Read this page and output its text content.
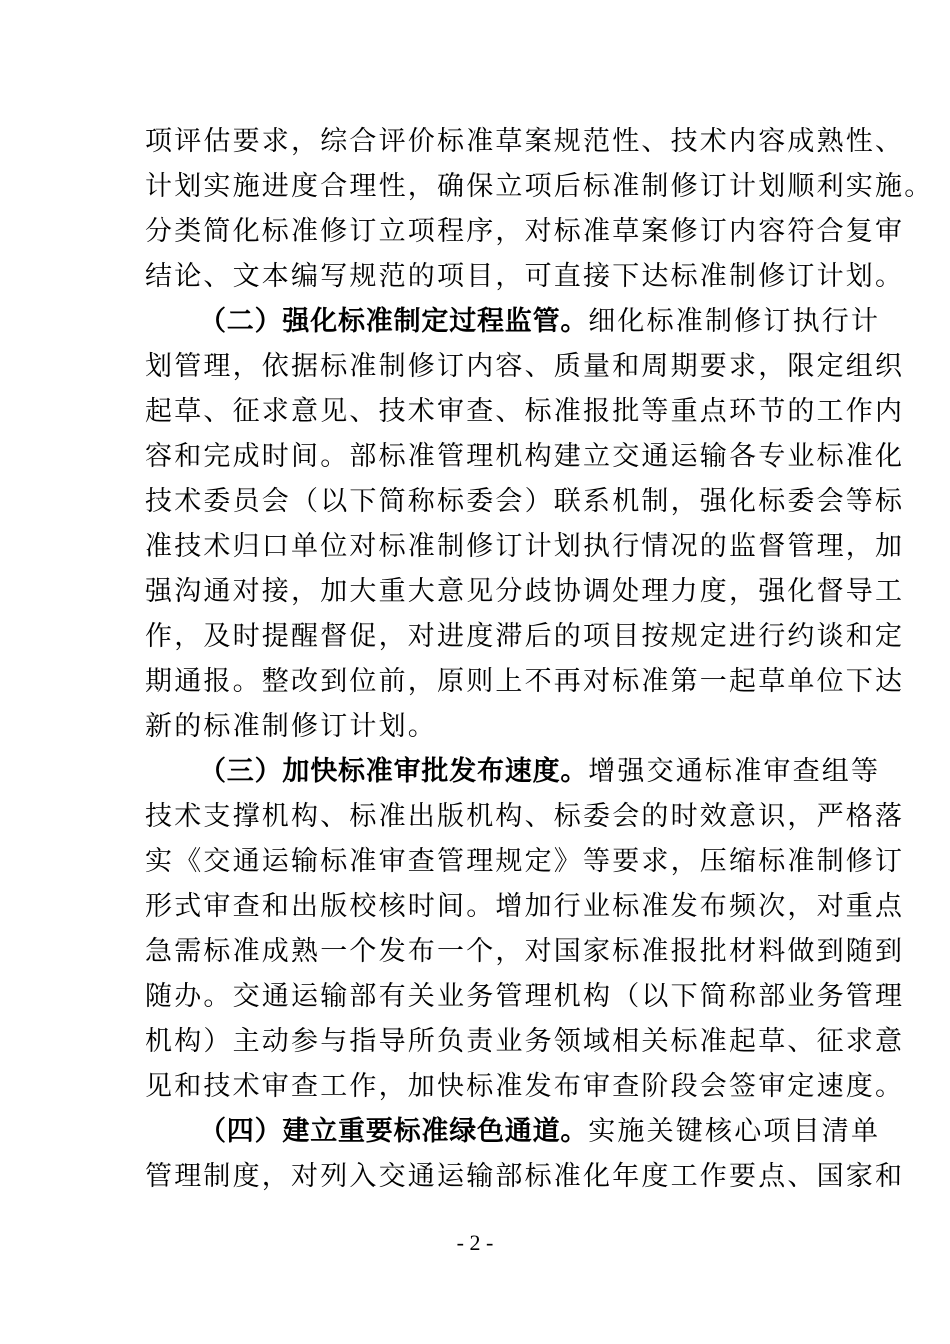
项评估要求，综合评价标准草案规范性、技术内容成熟性、
计划实施进度合理性，确保立项后标准制修订计划顺利实施。
分类简化标准修订立项程序，对标准草案修订内容符合复审
结论、文本编写规范的项目，可直接下达标准制修订计划。
（二）强化标准制定过程监管。细化标准制修订执行计
划管理，依据标准制修订内容、质量和周期要求，限定组织
起草、征求意见、技术审查、标准报批等重点环节的工作内
容和完成时间。部标准管理机构建立交通运输各专业标准化
技术委员会（以下简称标委会）联系机制，强化标委会等标
准技术归口单位对标准制修订计划执行情况的监督管理，加
强沟通对接，加大重大意见分歧协调处理力度，强化督导工
作，及时提醒督促，对进度滞后的项目按规定进行约谈和定
期通报。整改到位前，原则上不再对标准第一起草单位下达
新的标准制修订计划。
（三）加快标准审批发布速度。增强交通标准审查组等
技术支撑机构、标准出版机构、标委会的时效意识，严格落
实《交通运输标准审查管理规定》等要求，压缩标准制修订
形式审查和出版校核时间。增加行业标准发布频次，对重点
急需标准成熟一个发布一个，对国家标准报批材料做到随到
随办。交通运输部有关业务管理机构（以下简称部业务管理
机构）主动参与指导所负责业务领域相关标准起草、征求意
见和技术审查工作，加快标准发布审查阶段会签审定速度。
（四）建立重要标准绿色通道。实施关键核心项目清单
管理制度，对列入交通运输部标准化年度工作要点、国家和
- 2 -
